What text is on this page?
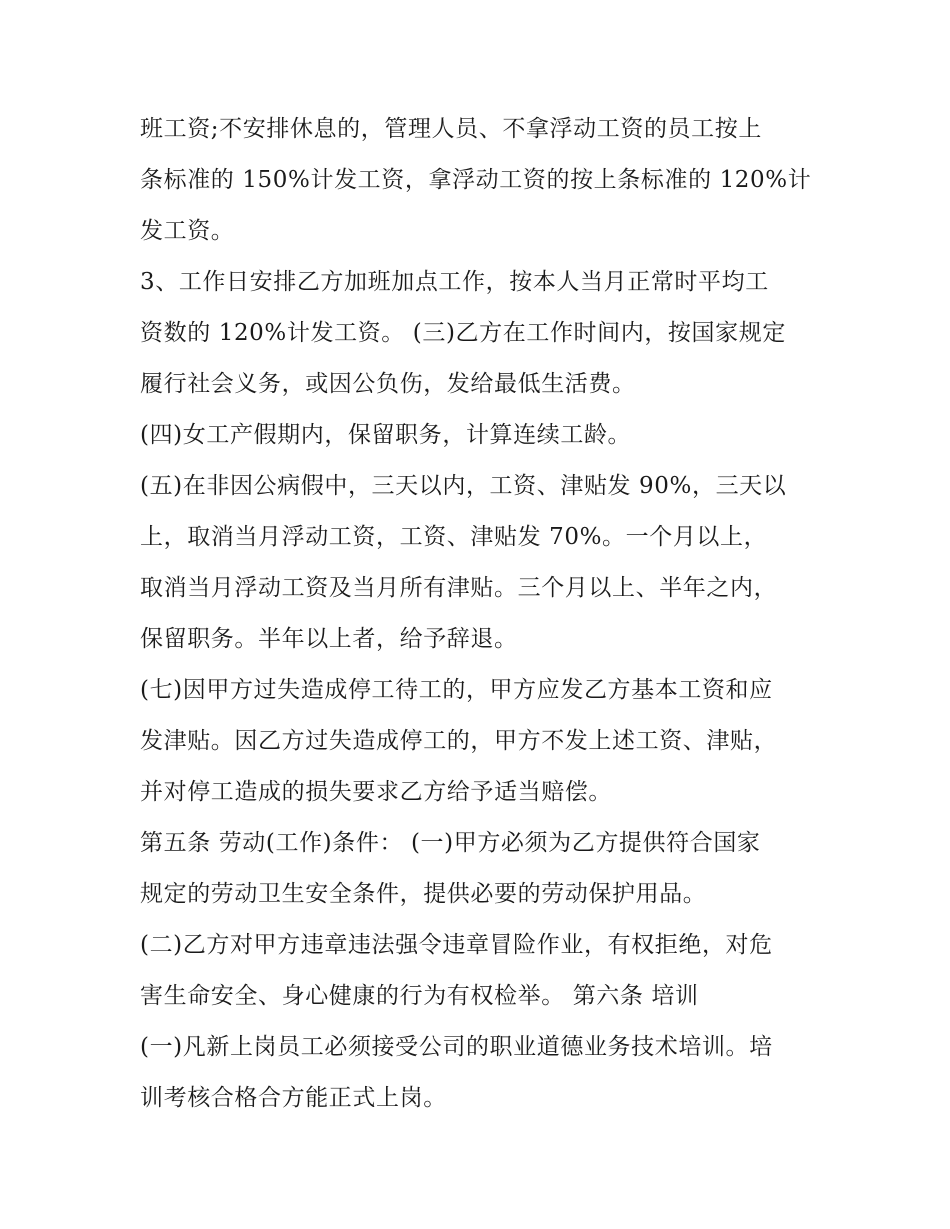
班工资;不安排休息的，管理人员、不拿浮动工资的员工按上
条标准的 150%计发工资，拿浮动工资的按上条标准的 120%计
发工资。
3、工作日安排乙方加班加点工作，按本人当月正常时平均工
资数的 120%计发工资。 (三)乙方在工作时间内，按国家规定
履行社会义务，或因公负伤，发给最低生活费。
(四)女工产假期内，保留职务，计算连续工龄。
(五)在非因公病假中，三天以内，工资、津贴发 90%，三天以
上，取消当月浮动工资，工资、津贴发 70%。一个月以上，
取消当月浮动工资及当月所有津贴。三个月以上、半年之内，
保留职务。半年以上者，给予辞退。
(七)因甲方过失造成停工待工的，甲方应发乙方基本工资和应
发津贴。因乙方过失造成停工的，甲方不发上述工资、津贴，
并对停工造成的损失要求乙方给予适当赔偿。
第五条 劳动(工作)条件： (一)甲方必须为乙方提供符合国家
规定的劳动卫生安全条件，提供必要的劳动保护用品。
(二)乙方对甲方违章违法强令违章冒险作业，有权拒绝，对危
害生命安全、身心健康的行为有权检举。 第六条 培训
(一)凡新上岗员工必须接受公司的职业道德业务技术培训。培
训考核合格合方能正式上岗。
